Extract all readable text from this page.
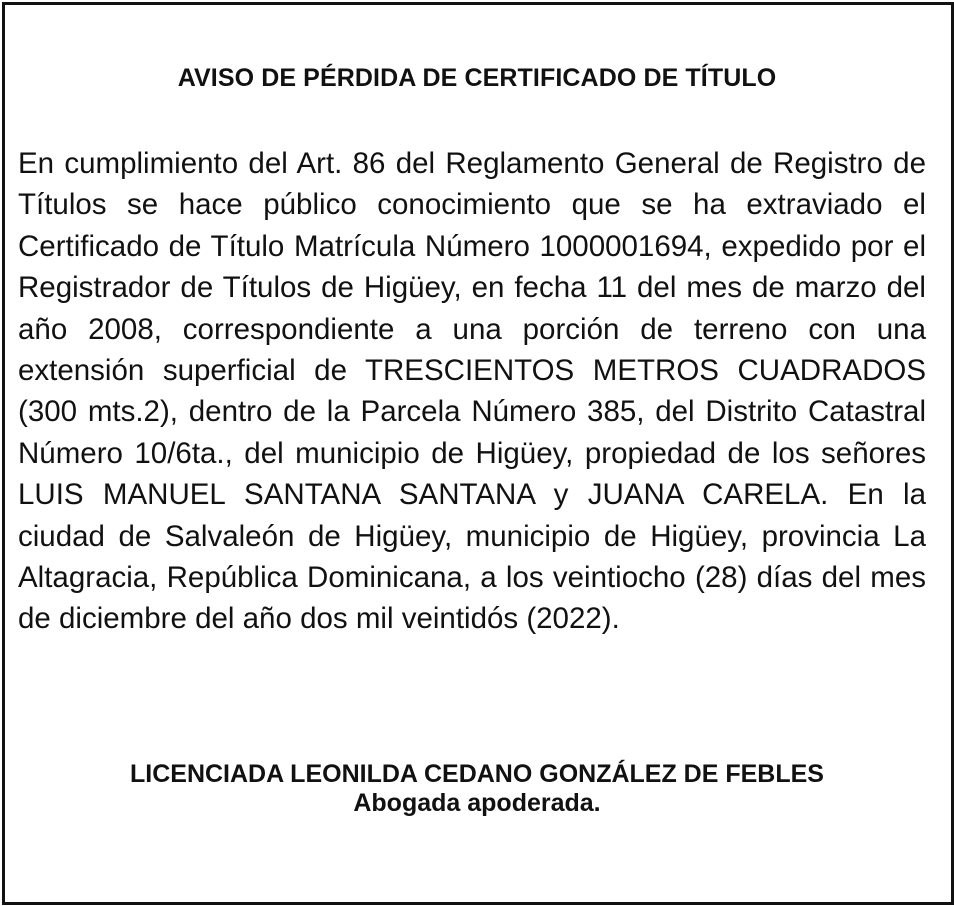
AVISO DE PÉRDIDA DE CERTIFICADO DE TÍTULO

En cumplimiento del Art. 86 del Reglamento General de Registro de Títulos se hace público conocimiento que se ha extraviado el Certificado de Título Matrícula Número 1000001694, expedido por el Registrador de Títulos de Higüey, en fecha 11 del mes de marzo del año 2008, correspondiente a una porción de terreno con una extensión superficial de TRESCIENTOS METROS CUADRADOS (300 mts.2), dentro de la Parcela Número 385, del Distrito Catastral Número 10/6ta., del municipio de Higüey, propiedad de los señores LUIS MANUEL SANTANA SANTANA y JUANA CARELA. En la ciudad de Salvaleón de Higüey, municipio de Higüey, provincia La Altagracia, República Dominicana, a los veintiocho (28) días del mes de diciembre del año dos mil veintidós (2022).

LICENCIADA LEONILDA CEDANO GONZÁLEZ DE FEBLES
Abogada apoderada.
